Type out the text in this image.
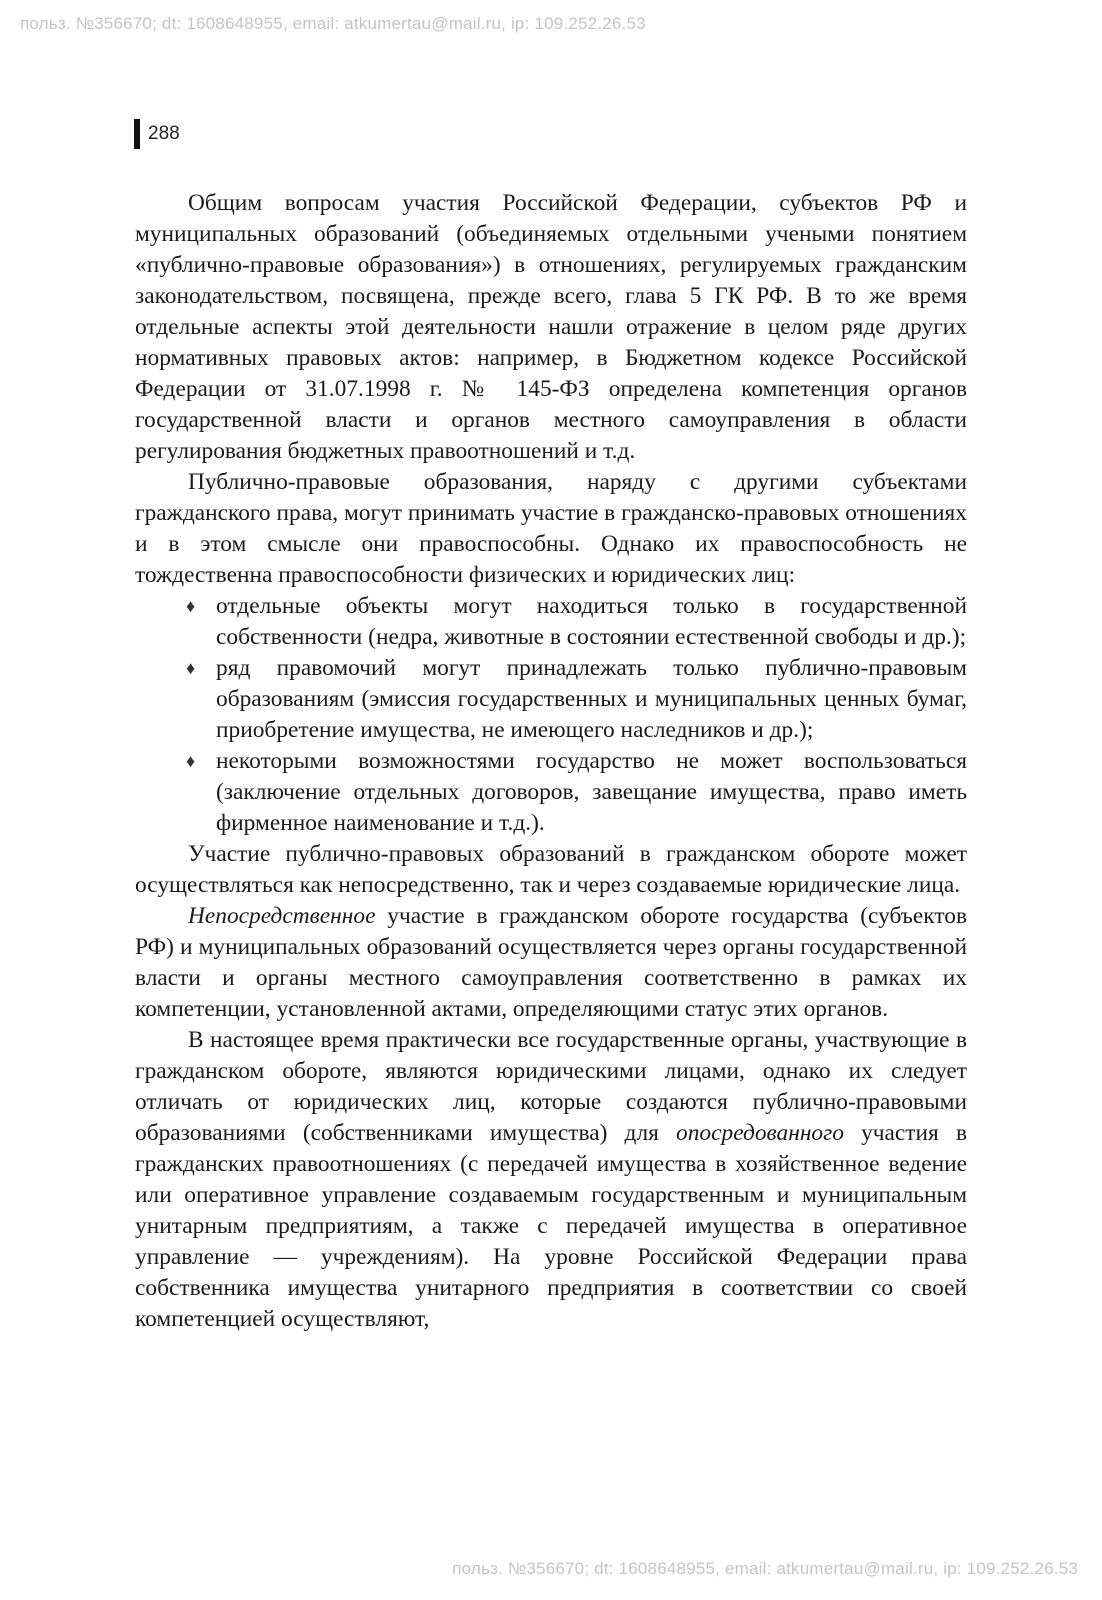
польз. №356670; dt: 1608648955, email: atkumertau@mail.ru, ip: 109.252.26.53
288

Общим вопросам участия Российской Федерации, субъектов РФ и муниципальных образований (объединяемых отдельными учеными понятием «публично-правовые образования») в отношениях, регулируемых гражданским законодательством, посвящена, прежде всего, глава 5 ГК РФ. В то же время отдельные аспекты этой деятельности нашли отражение в целом ряде других нормативных правовых актов: например, в Бюджетном кодексе Российской Федерации от 31.07.1998 г. № 145-ФЗ определена компетенция органов государственной власти и органов местного самоуправления в области регулирования бюджетных правоотношений и т.д.

Публично-правовые образования, наряду с другими субъектами гражданского права, могут принимать участие в гражданско-правовых отношениях и в этом смысле они правоспособны. Однако их правоспособность не тождественна правоспособности физических и юридических лиц:

♦ отдельные объекты могут находиться только в государственной собственности (недра, животные в состоянии естественной свободы и др.);
♦ ряд правомочий могут принадлежать только публично-правовым образованиям (эмиссия государственных и муниципальных ценных бумаг, приобретение имущества, не имеющего наследников и др.);
♦ некоторыми возможностями государство не может воспользоваться (заключение отдельных договоров, завещание имущества, право иметь фирменное наименование и т.д.).

Участие публично-правовых образований в гражданском обороте может осуществляться как непосредственно, так и через создаваемые юридические лица.

Непосредственное участие в гражданском обороте государства (субъектов РФ) и муниципальных образований осуществляется через органы государственной власти и органы местного самоуправления соответственно в рамках их компетенции, установленной актами, определяющими статус этих органов.

В настоящее время практически все государственные органы, участвующие в гражданском обороте, являются юридическими лицами, однако их следует отличать от юридических лиц, которые создаются публично-правовыми образованиями (собственниками имущества) для опосредованного участия в гражданских правоотношениях (с передачей имущества в хозяйственное ведение или оперативное управление создаваемым государственным и муниципальным унитарным предприятиям, а также с передачей имущества в оперативное управление — учреждениям). На уровне Российской Федерации права собственника имущества унитарного предприятия в соответствии со своей компетенцией осуществляют,

польз. №356670; dt: 1608648955, email: atkumertau@mail.ru, ip: 109.252.26.53
